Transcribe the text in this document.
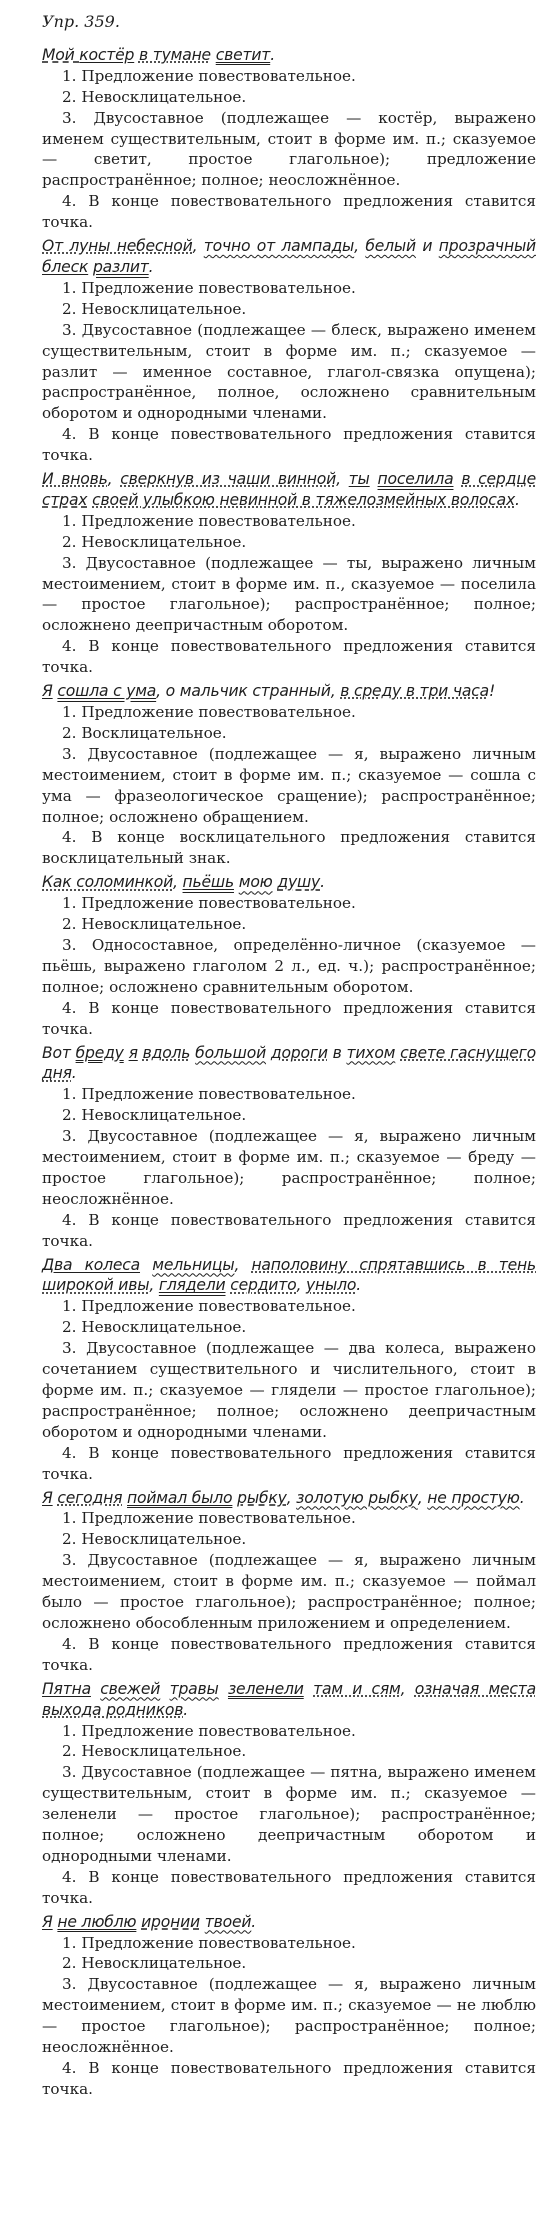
Упр. 359.
Мой костёр в тумане светит.
1. Предложение повествовательное.
2. Невосклицательное.
3. Двусоставное (подлежащее — костёр, выражено именем существительным, стоит в форме им. п.; сказуемое — светит, простое глагольное); предложение распространённое; полное; неосложнённое.
4. В конце повествовательного предложения ставится точка.
От луны небесной, точно от лампады, белый и прозрачный блеск разлит.
1. Предложение повествовательное.
2. Невосклицательное.
3. Двусоставное (подлежащее — блеск, выражено именем существительным, стоит в форме им. п.; сказуемое — разлит — именное составное, глагол-связка опущена); распространённое, полное, осложнено сравнительным оборотом и однородными членами.
4. В конце повествовательного предложения ставится точка.
И вновь, сверкнув из чаши винной, ты поселила в сердце страх своей улыбкою невинной в тяжелозмейных волосах.
1. Предложение повествовательное.
2. Невосклицательное.
3. Двусоставное (подлежащее — ты, выражено личным местоимением, стоит в форме им. п., сказуемое — поселила — простое глагольное); распространённое; полное; осложнено деепричастным оборотом.
4. В конце повествовательного предложения ставится точка.
Я сошла с ума, о мальчик странный, в среду в три часа!
1. Предложение повествовательное.
2. Восклицательное.
3. Двусоставное (подлежащее — я, выражено личным местоимением, стоит в форме им. п.; сказуемое — сошла с ума — фразеологическое сращение); распространённое; полное; осложнено обращением.
4. В конце восклицательного предложения ставится восклицательный знак.
Как соломинкой, пьёшь мою душу.
1. Предложение повествовательное.
2. Невосклицательное.
3. Односоставное, определённо-личное (сказуемое — пьёшь, выражено глаголом 2 л., ед. ч.); распространённое; полное; осложнено сравнительным оборотом.
4. В конце повествовательного предложения ставится точка.
Вот бреду я вдоль большой дороги в тихом свете гаснущего дня.
1. Предложение повествовательное.
2. Невосклицательное.
3. Двусоставное (подлежащее — я, выражено личным местоимением, стоит в форме им. п.; сказуемое — бреду — простое глагольное); распространённое; полное; неосложнённое.
4. В конце повествовательного предложения ставится точка.
Два колеса мельницы, наполовину спрятавшись в тень широкой ивы, глядели сердито, уныло.
1. Предложение повествовательное.
2. Невосклицательное.
3. Двусоставное (подлежащее — два колеса, выражено сочетанием существительного и числительного, стоит в форме им. п.; сказуемое — глядели — простое глагольное); распространённое; полное; осложнено деепричастным оборотом и однородными членами.
4. В конце повествовательного предложения ставится точка.
Я сегодня поймал было рыбку, золотую рыбку, не простую.
1. Предложение повествовательное.
2. Невосклицательное.
3. Двусоставное (подлежащее — я, выражено личным местоимением, стоит в форме им. п.; сказуемое — поймал было — простое глагольное); распространённое; полное; осложнено обособленным приложением и определением.
4. В конце повествовательного предложения ставится точка.
Пятна свежей травы зеленели там и сям, означая места выхода родников.
1. Предложение повествовательное.
2. Невосклицательное.
3. Двусоставное (подлежащее — пятна, выражено именем существительным, стоит в форме им. п.; сказуемое — зеленели — простое глагольное); распространённое; полное; осложнено деепричастным оборотом и однородными членами.
4. В конце повествовательного предложения ставится точка.
Я не люблю иронии твоей.
1. Предложение повествовательное.
2. Невосклицательное.
3. Двусоставное (подлежащее — я, выражено личным местоимением, стоит в форме им. п.; сказуемое — не люблю — простое глагольное); распространённое; полное; неосложнённое.
4. В конце повествовательного предложения ставится точка.
